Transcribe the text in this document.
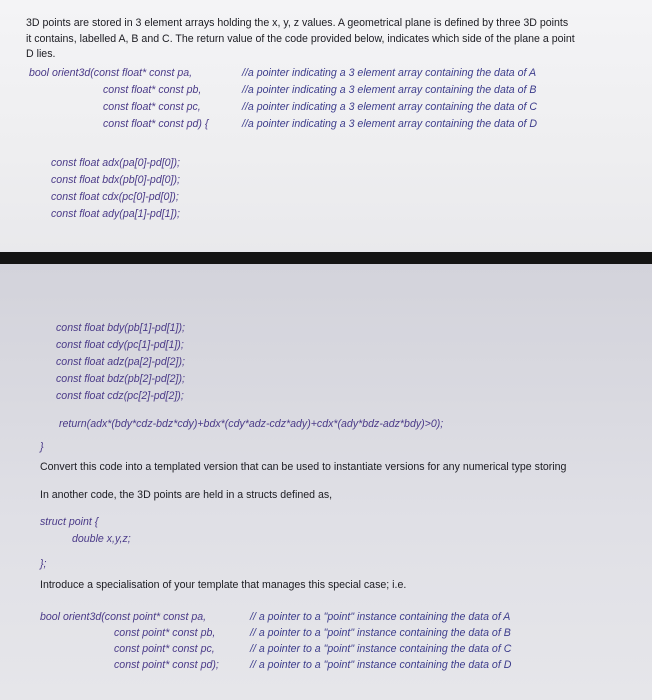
3D points are stored in 3 element arrays holding the x, y, z values. A geometrical plane is defined by three 3D points
it contains, labelled A, B and C. The return value of the code provided below, indicates which side of the plane a point
D lies.
bool orient3d(const float* const pa,
const float* const pb,
const float* const pc,
const float* const pd) {
//a pointer indicating a 3 element array containing the data of A
//a pointer indicating a 3 element array containing the data of B
//a pointer indicating a 3 element array containing the data of C
//a pointer indicating a 3 element array containing the data of D
const float adx(pa[0]-pd[0]);
const float bdx(pb[0]-pd[0]);
const float cdx(pc[0]-pd[0]);
const float ady(pa[1]-pd[1]);
const float bdy(pb[1]-pd[1]);
const float cdy(pc[1]-pd[1]);
const float adz(pa[2]-pd[2]);
const float bdz(pb[2]-pd[2]);
const float cdz(pc[2]-pd[2]);
return(adx*(bdy*cdz-bdz*cdy)+bdx*(cdy*adz-cdz*ady)+cdx*(ady*bdz-adz*bdy)>0);
}
Convert this code into a templated version that can be used to instantiate versions for any numerical type storing
In another code, the 3D points are held in a structs defined as,
struct point {
double x,y,z;
};
Introduce a specialisation of your template that manages this special case; i.e.
bool orient3d(const point* const pa,
const point* const pb,
const point* const pc,
const point* const pd);
// a pointer to a "point" instance containing the data of A
// a pointer to a "point" instance containing the data of B
// a pointer to a "point" instance containing the data of C
// a pointer to a "point" instance containing the data of D
